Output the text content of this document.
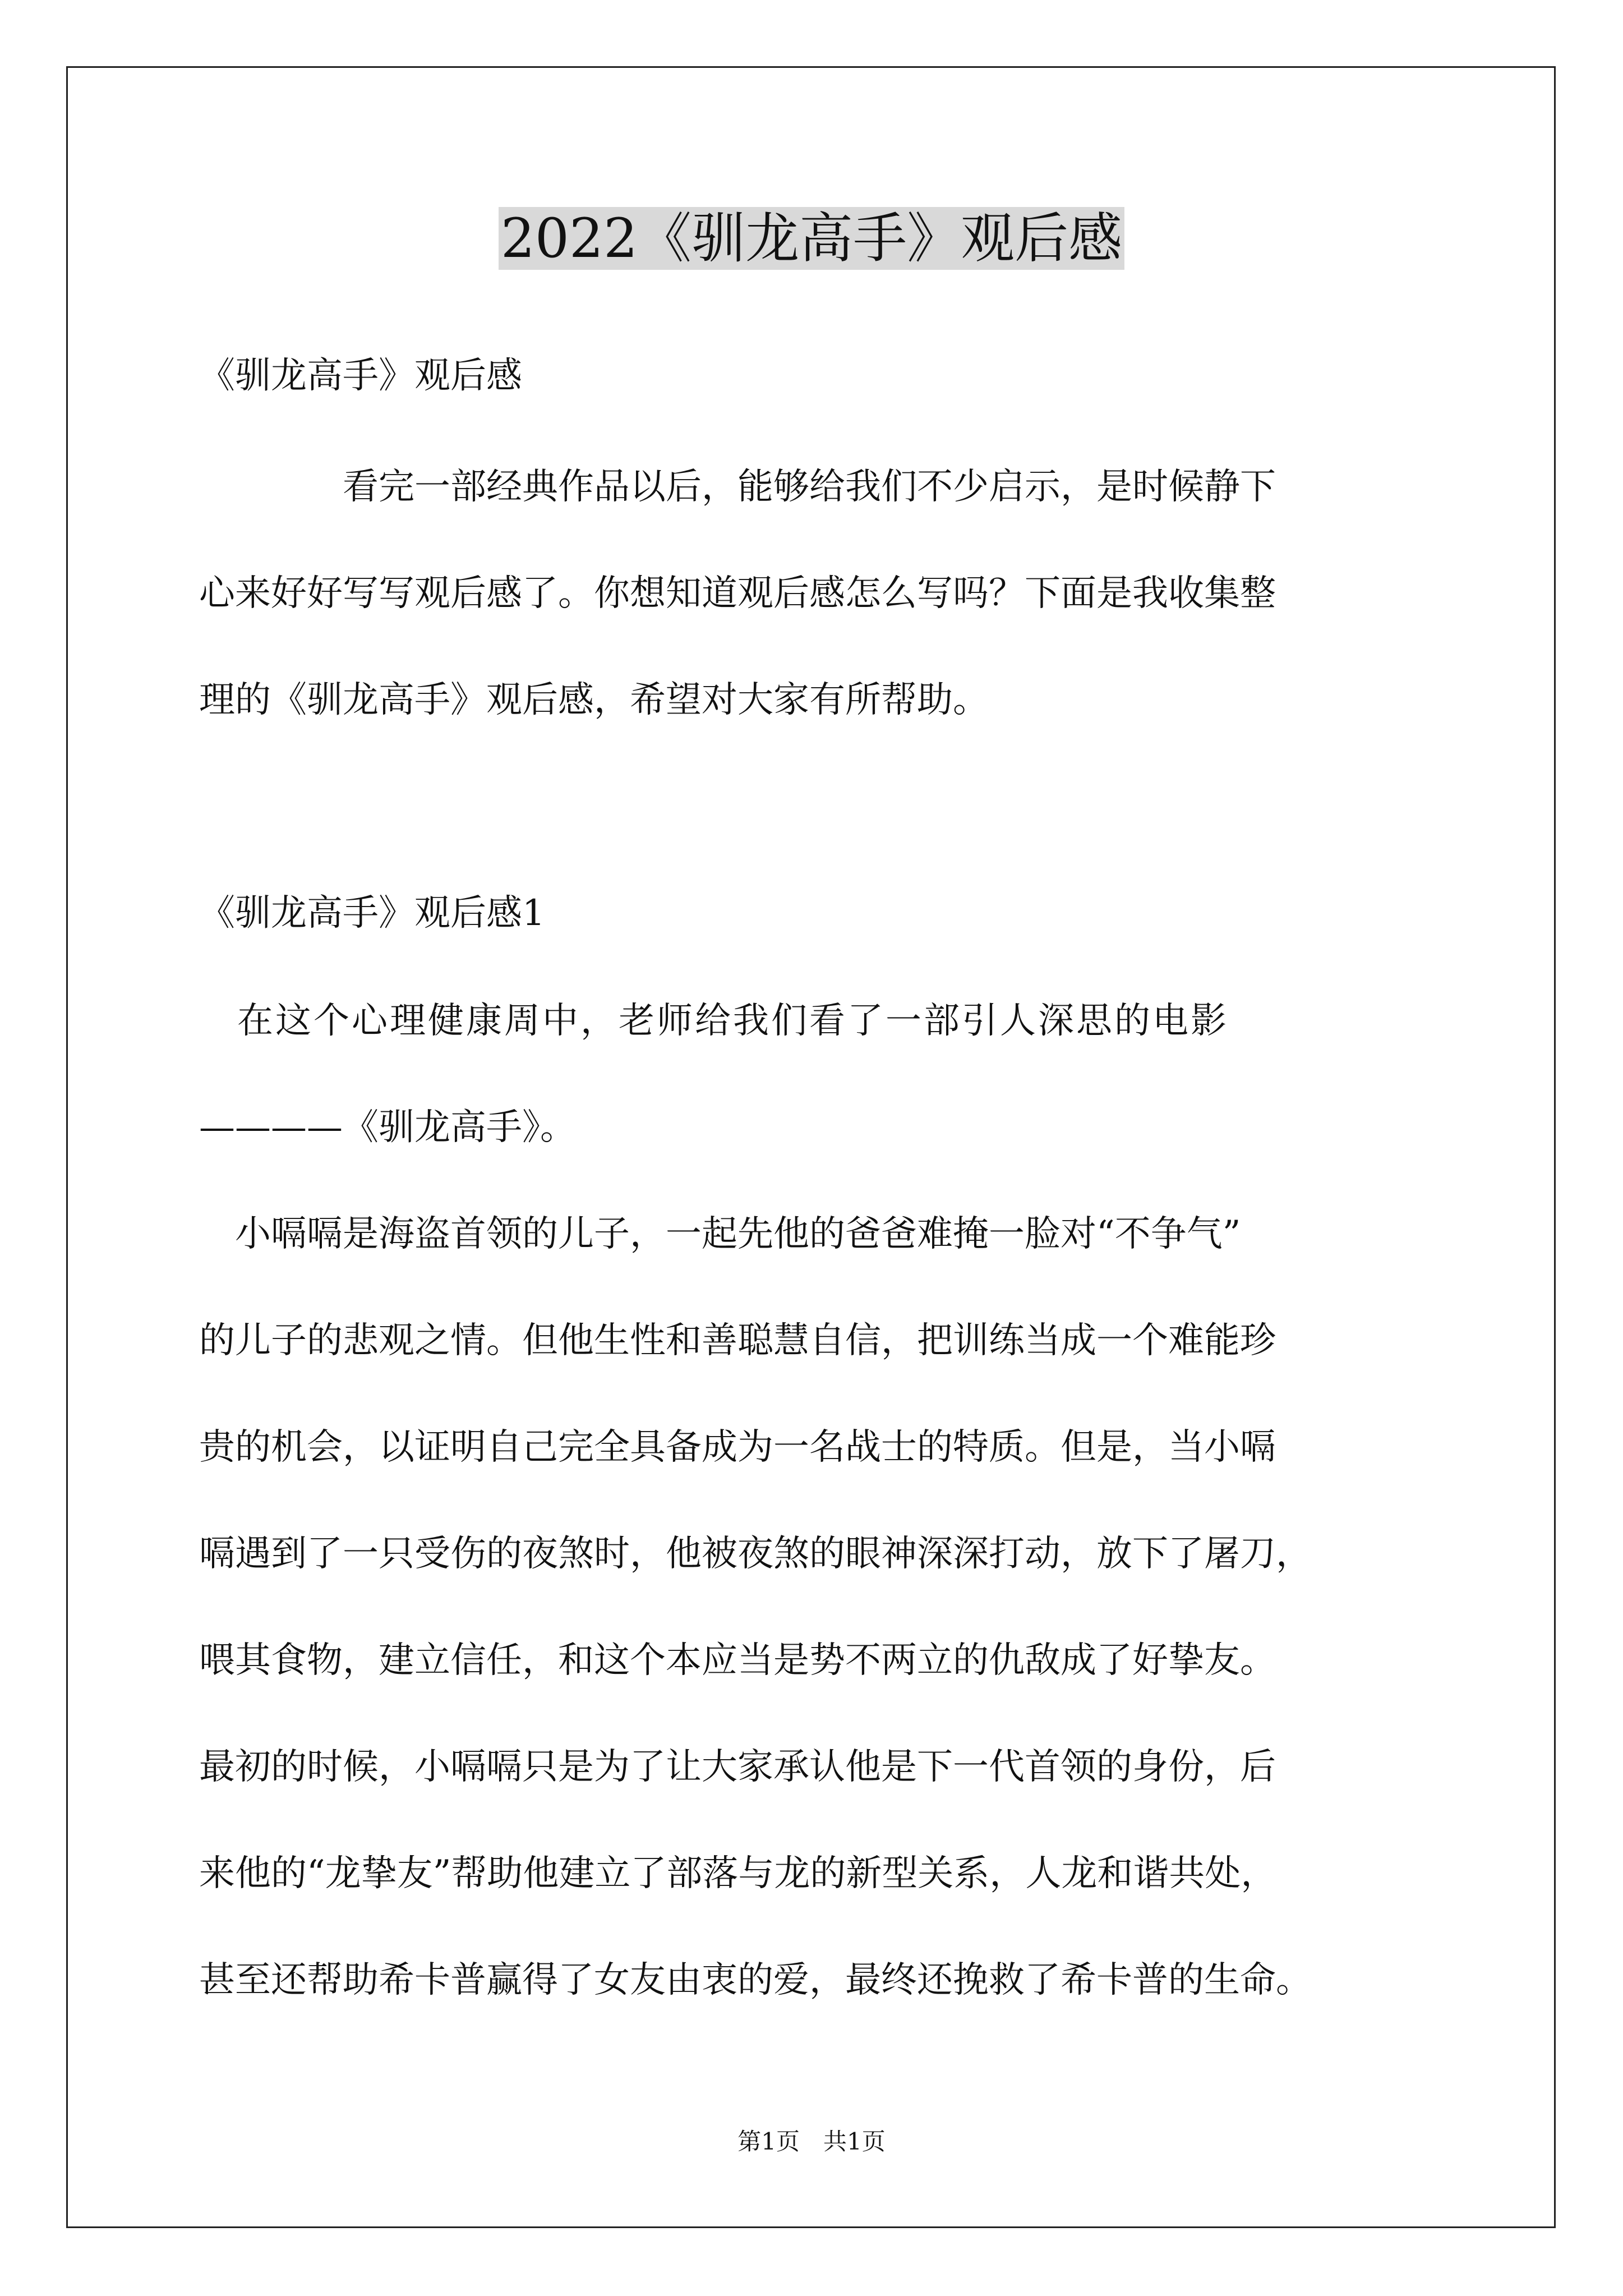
2022《驯龙高手》观后感
《驯龙高手》观后感
　　　　看完一部经典作品以后，能够给我们不少启示，是时候静下
心来好好写写观后感了。你想知道观后感怎么写吗？下面是我收集整
理的《驯龙高手》观后感，希望对大家有所帮助。
《驯龙高手》观后感1
　在这个心理健康周中，老师给我们看了一部引人深思的电影
————《驯龙高手》。
　小嗝嗝是海盗首领的儿子，一起先他的爸爸难掩一脸对“不争气”
的儿子的悲观之情。但他生性和善聪慧自信，把训练当成一个难能珍
贵的机会，以证明自己完全具备成为一名战士的特质。但是，当小嗝
嗝遇到了一只受伤的夜煞时，他被夜煞的眼神深深打动，放下了屠刀，
喂其食物，建立信任，和这个本应当是势不两立的仇敌成了好挚友。
最初的时候，小嗝嗝只是为了让大家承认他是下一代首领的身份，后
来他的“龙挚友”帮助他建立了部落与龙的新型关系，人龙和谐共处，
甚至还帮助希卡普赢得了女友由衷的爱，最终还挽救了希卡普的生命。
第1页　共1页
